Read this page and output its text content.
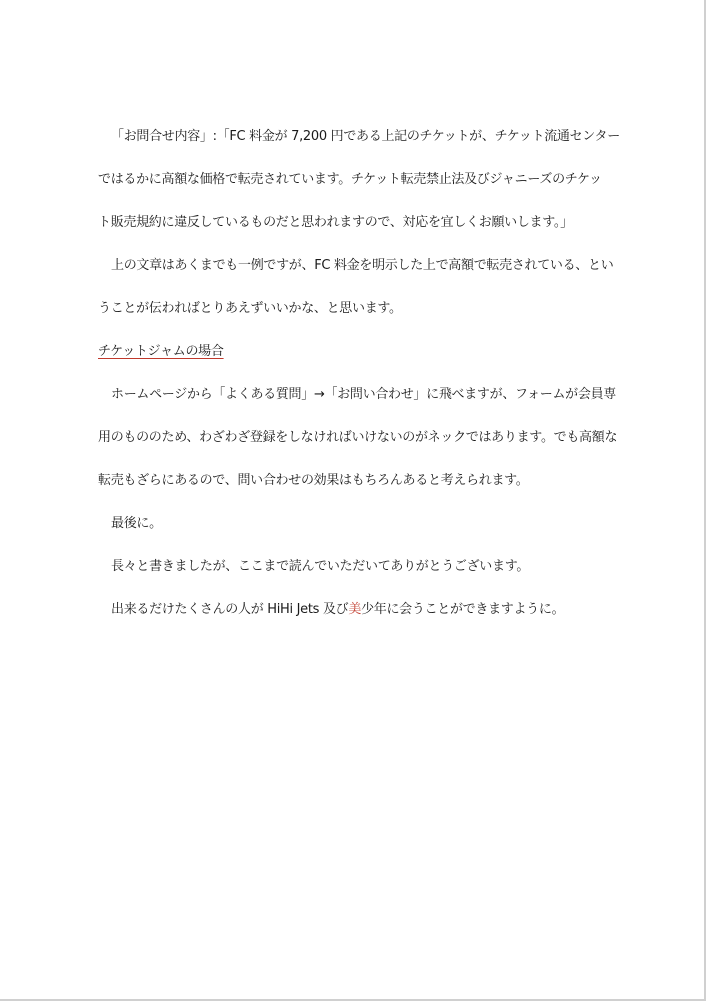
「お問合せ内容」:「FC 料金が 7,200 円である上記のチケットが、チケット流通センター
ではるかに高額な価格で転売されています。チケット転売禁止法及びジャニーズのチケッ
ト販売規約に違反しているものだと思われますので、対応を宜しくお願いします。」
上の文章はあくまでも一例ですが、FC 料金を明示した上で高額で転売されている、とい
うことが伝わればとりあえずいいかな、と思います。
チケットジャムの場合
ホームページから「よくある質問」→「お問い合わせ」に飛べますが、フォームが会員専
用のもののため、わざわざ登録をしなければいけないのがネックではあります。でも高額な
転売もざらにあるので、問い合わせの効果はもちろんあると考えられます。
最後に。
長々と書きましたが、ここまで読んでいただいてありがとうございます。
出来るだけたくさんの人が HiHi Jets 及び美少年に会うことができますように。
